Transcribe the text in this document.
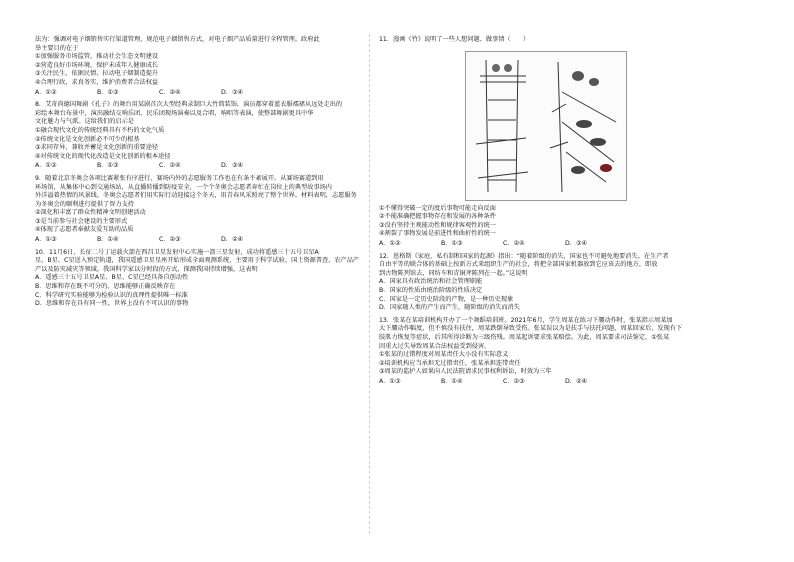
法为：强调对电子烟销售实行渠道管理，规范电子烟销售方式，对电子烟产品质量进行全程管理。政府此

举主要目的在于

①加强服务市场监管，推动社会生态文明建设

②营造良好市场环境，保护未成年人健康成长

③关注民生，依据民情，拉动电子烟制造提升

④合理行政，求真务实，维护消费者合法权益

A．①②	B．①③	C．②④	D．③④

8．艾奇尚德国舞剧《孔子》的舞台用某剧首次大型经典录制巨大竹简装饰，演员都穿着蓝衣服襦裙从远处走出的

彩绘本舞台布景中，演出融结交响乐团、民乐团现场演奏以及合唱，响唱等表演，使整部舞剧更具中华

文化魅力与气派。这给我们的启示是

①融合现代文化的传统经典具有不朽的文化气质

②传统文化是文化创新必不可少的根基

③求同存异，兼收并蓄是文化创新的重要途径

④对传统文化的现代化改造是文化创新的根本途径

A．①②	B．①③	C．②④	D．③④

9．随着北京冬奥会各项比赛紧张有序进行，赛场内外的志愿服务工作也在有条不紊展开。从赛场赛道到用

环场馆，从集体中心到交通场站，从直播转播到防疫安全，一个个冬奥会志愿者奔忙在岗位上的典型故事场内

外洋溢着热情的风景线。冬奥会志愿者们用实际行动迎接这个冬天，用青春风采照亮了整个世界。材料表明，志愿服务

为冬奥会的顺利进行提供了智力支持

②深化和丰富了群众性精神文明创建活动

③是当前参与社会建设的主要形式

④体现了志愿者奉献友爱互助的品质

A．①③	B．①④	C．②③	D．②④

10．11月6日，长征二号丁运载火箭在西昌卫星发射中心实施一箭三星发射，成功将遥感三十五号卫星A

星、B星、C星送入预定轨道，我国遥感卫星星座开始形成全面观测系统，主要用于科学试验、国土资源普查、农产品产

产以及防灾减灾等领域。我国科学家以分时段的方式，探测我国持续增强，这表明

A．遥感三十五号卫星A星、B星、C星已经具备自创动性

B．思维和存在既不可分的，思维能够正确反映存在

C．科学研究实验能够为检验认识的真理性提供唯一标准

D．思维和存在具有同一性，世界上没有不可认识的事物

11．漫画《竹》说明了一些人想问题、做事情（　　）

①不懂得突破一定的度后事物可能走向反面

②不能准确把握事物存在和发展的各种条件

③没有坚持主观能动性和规律客观性的统一

④割裂了事物发展是前进性和曲折性的统一

A．①②	B．①③	C．②④	D．③④

12．恩格斯《家庭、私有制和国家的起源》指出：“随着阶级的消失，国家也不可避免地要消失。在生产者

自由平等的联合体的基础上按新方式来组织生产的社会，将把全部国家机器放到它应该去的地方，即放

到古物陈列馆去，同纺车和青铜斧陈列在一起。”这说明

A．国家具有政治统治和社会管理职能

B．国家的性质由统治阶级的性质决定

C．国家是一定历史阶段的产物，是一种历史现象

D．国家随人类的产生而产生，随阶级的消失而消失

13．张某在某培训机构开办了一个舞蹈培训班。2021年6月，学生周某在练习下腰动作时，张某指示周某加

大下腰动作幅度，但不慎没有扶住，周某跌倒导致受伤。张某误以为是扶手与扶托问题，周某回家后，发现有下

肢肌力恢复等症状，后其所得诊断为三级伤残。周某起诉要求张某赔偿。为此，周某要求司法鉴定，①张某

因重大过失导致周某合法权益受到侵害，

①张某的过错程度对周某责任大小没有实际意义

②培训机构应当承担无过错责任，张某承担连带责任

③周某的监护人如果向人民法院请求民事权利诉讼，时效为三年

A．①③	B．①④	C．②③	D．②④
